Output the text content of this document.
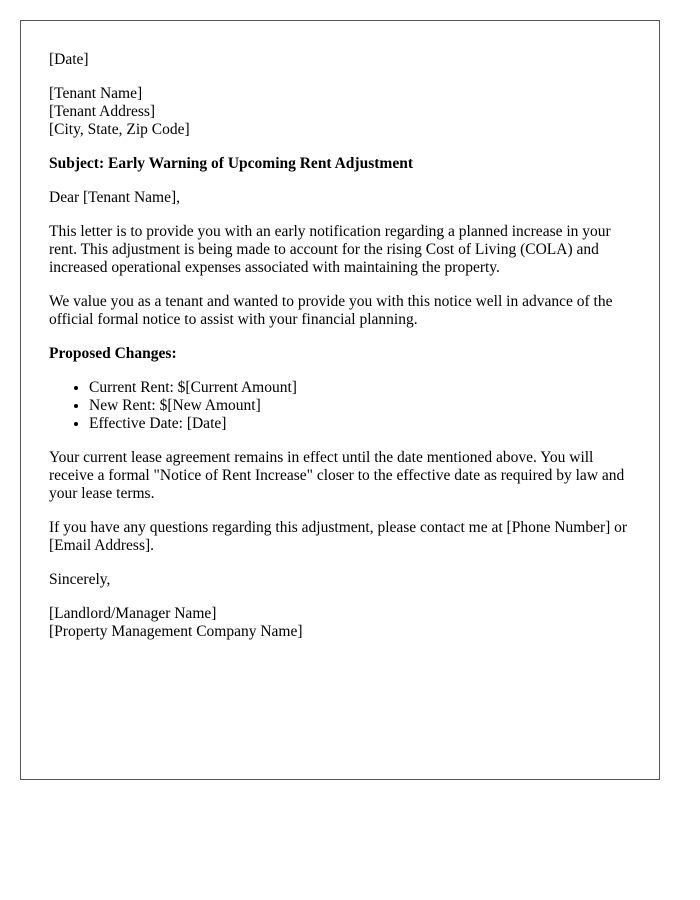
[Date]

[Tenant Name]
[Tenant Address]
[City, State, Zip Code]

Subject: Early Warning of Upcoming Rent Adjustment

Dear [Tenant Name],

This letter is to provide you with an early notification regarding a planned increase in your rent. This adjustment is being made to account for the rising Cost of Living (COLA) and increased operational expenses associated with maintaining the property.

We value you as a tenant and wanted to provide you with this notice well in advance of the official formal notice to assist with your financial planning.

Proposed Changes:

• Current Rent: $[Current Amount]
• New Rent: $[New Amount]
• Effective Date: [Date]

Your current lease agreement remains in effect until the date mentioned above. You will receive a formal "Notice of Rent Increase" closer to the effective date as required by law and your lease terms.

If you have any questions regarding this adjustment, please contact me at [Phone Number] or [Email Address].

Sincerely,

[Landlord/Manager Name]
[Property Management Company Name]
